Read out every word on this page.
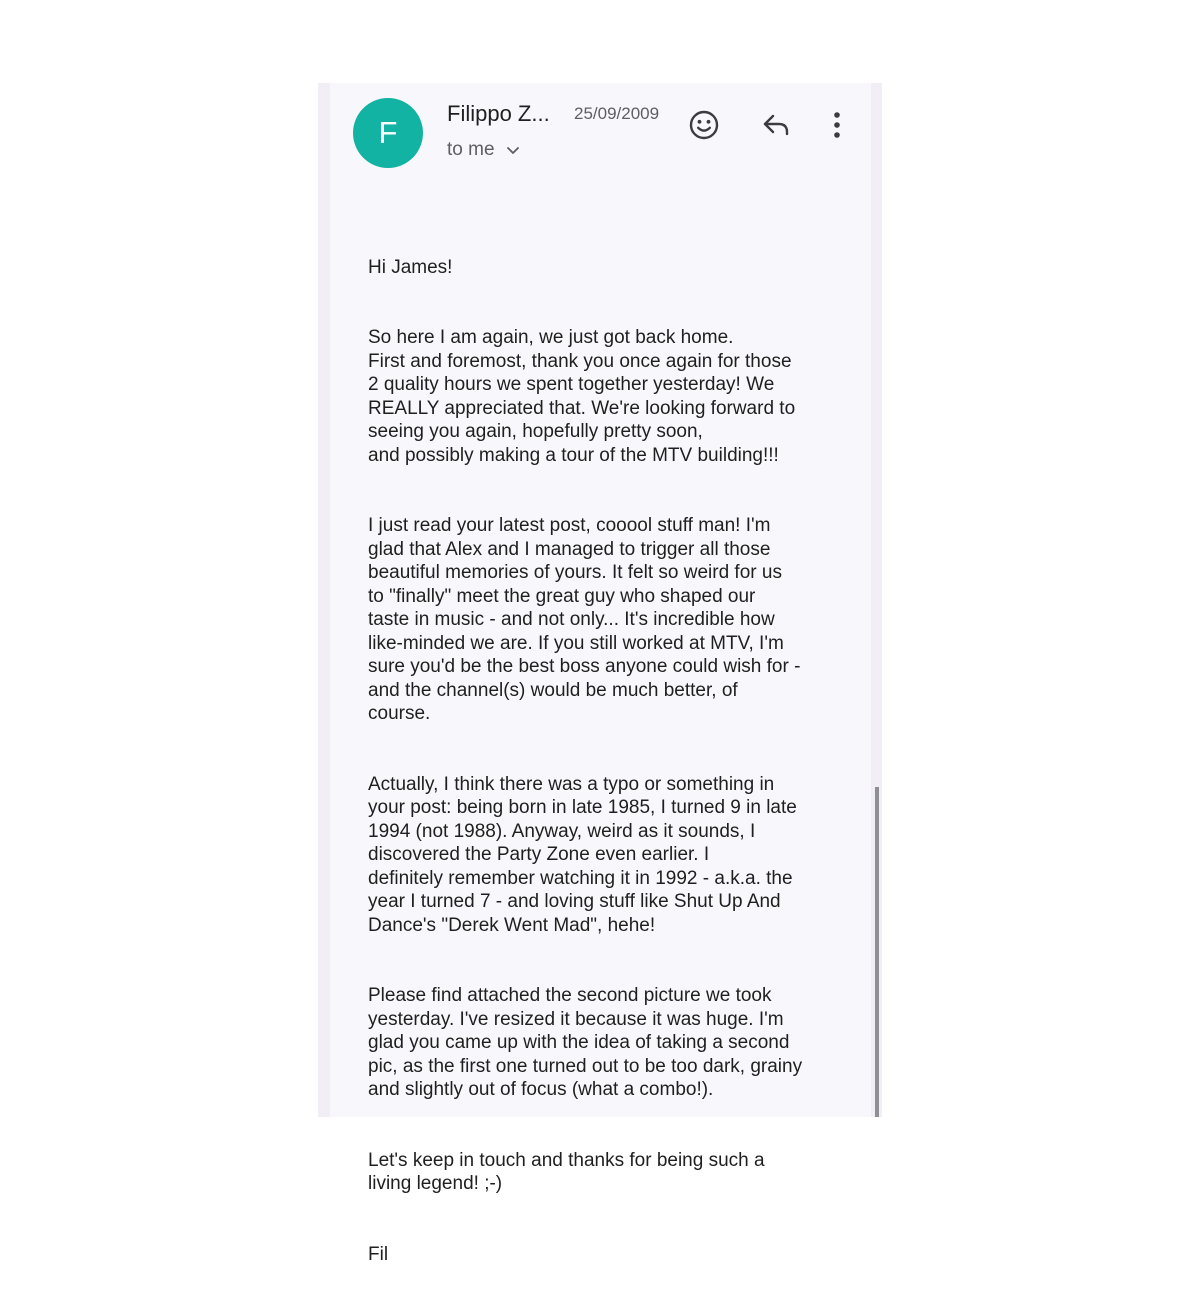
F
Filippo Z... 25/09/2009
to me

Hi James!

So here I am again, we just got back home.
First and foremost, thank you once again for those
2 quality hours we spent together yesterday! We
REALLY appreciated that. We're looking forward to
seeing you again, hopefully pretty soon,
and possibly making a tour of the MTV building!!!

I just read your latest post, cooool stuff man! I'm
glad that Alex and I managed to trigger all those
beautiful memories of yours. It felt so weird for us
to "finally" meet the great guy who shaped our
taste in music - and not only... It's incredible how
like-minded we are. If you still worked at MTV, I'm
sure you'd be the best boss anyone could wish for -
and the channel(s) would be much better, of
course.

Actually, I think there was a typo or something in
your post: being born in late 1985, I turned 9 in late
1994 (not 1988). Anyway, weird as it sounds, I
discovered the Party Zone even earlier. I
definitely remember watching it in 1992 - a.k.a. the
year I turned 7 - and loving stuff like Shut Up And
Dance's "Derek Went Mad", hehe!

Please find attached the second picture we took
yesterday. I've resized it because it was huge. I'm
glad you came up with the idea of taking a second
pic, as the first one turned out to be too dark, grainy
and slightly out of focus (what a combo!).

Let's keep in touch and thanks for being such a
living legend! ;-)

Fil
